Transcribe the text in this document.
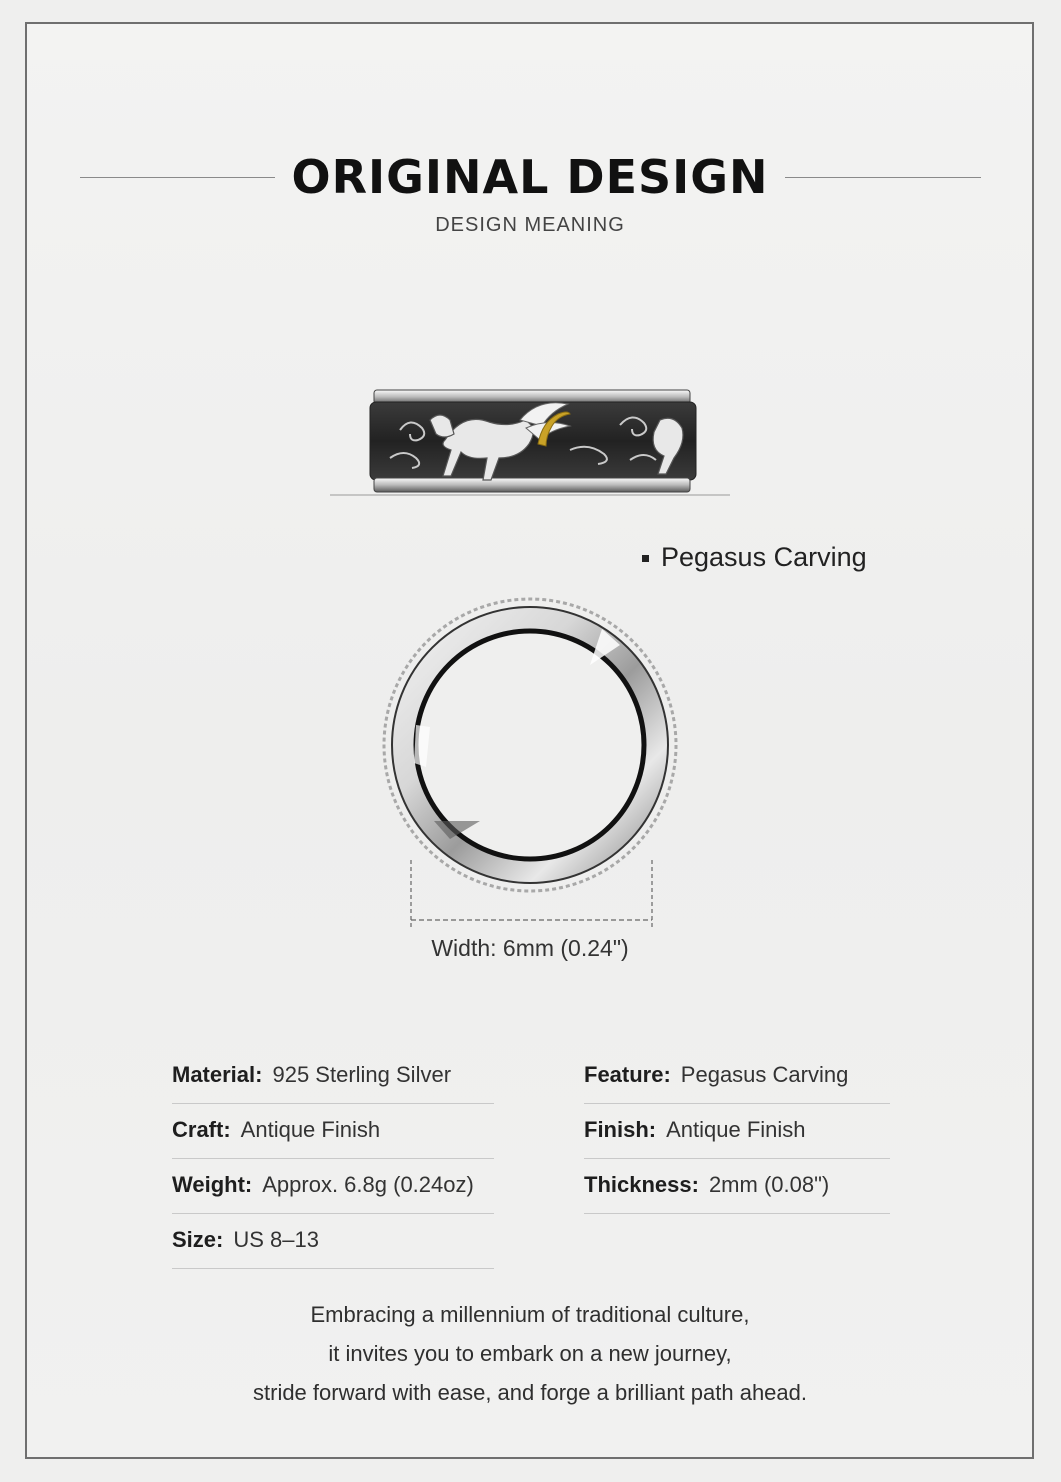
ORIGINAL DESIGN
DESIGN MEANING
Pegasus Carving
Width: 6mm (0.24")
Material: 925 Sterling Silver	Feature: Pegasus Carving
Craft: Antique Finish	Finish: Antique Finish
Weight: Approx. 6.8g (0.24oz)	Thickness: 2mm (0.08")
Size: US 8–13
Embracing a millennium of traditional culture,
it invites you to embark on a new journey,
stride forward with ease, and forge a brilliant path ahead.
